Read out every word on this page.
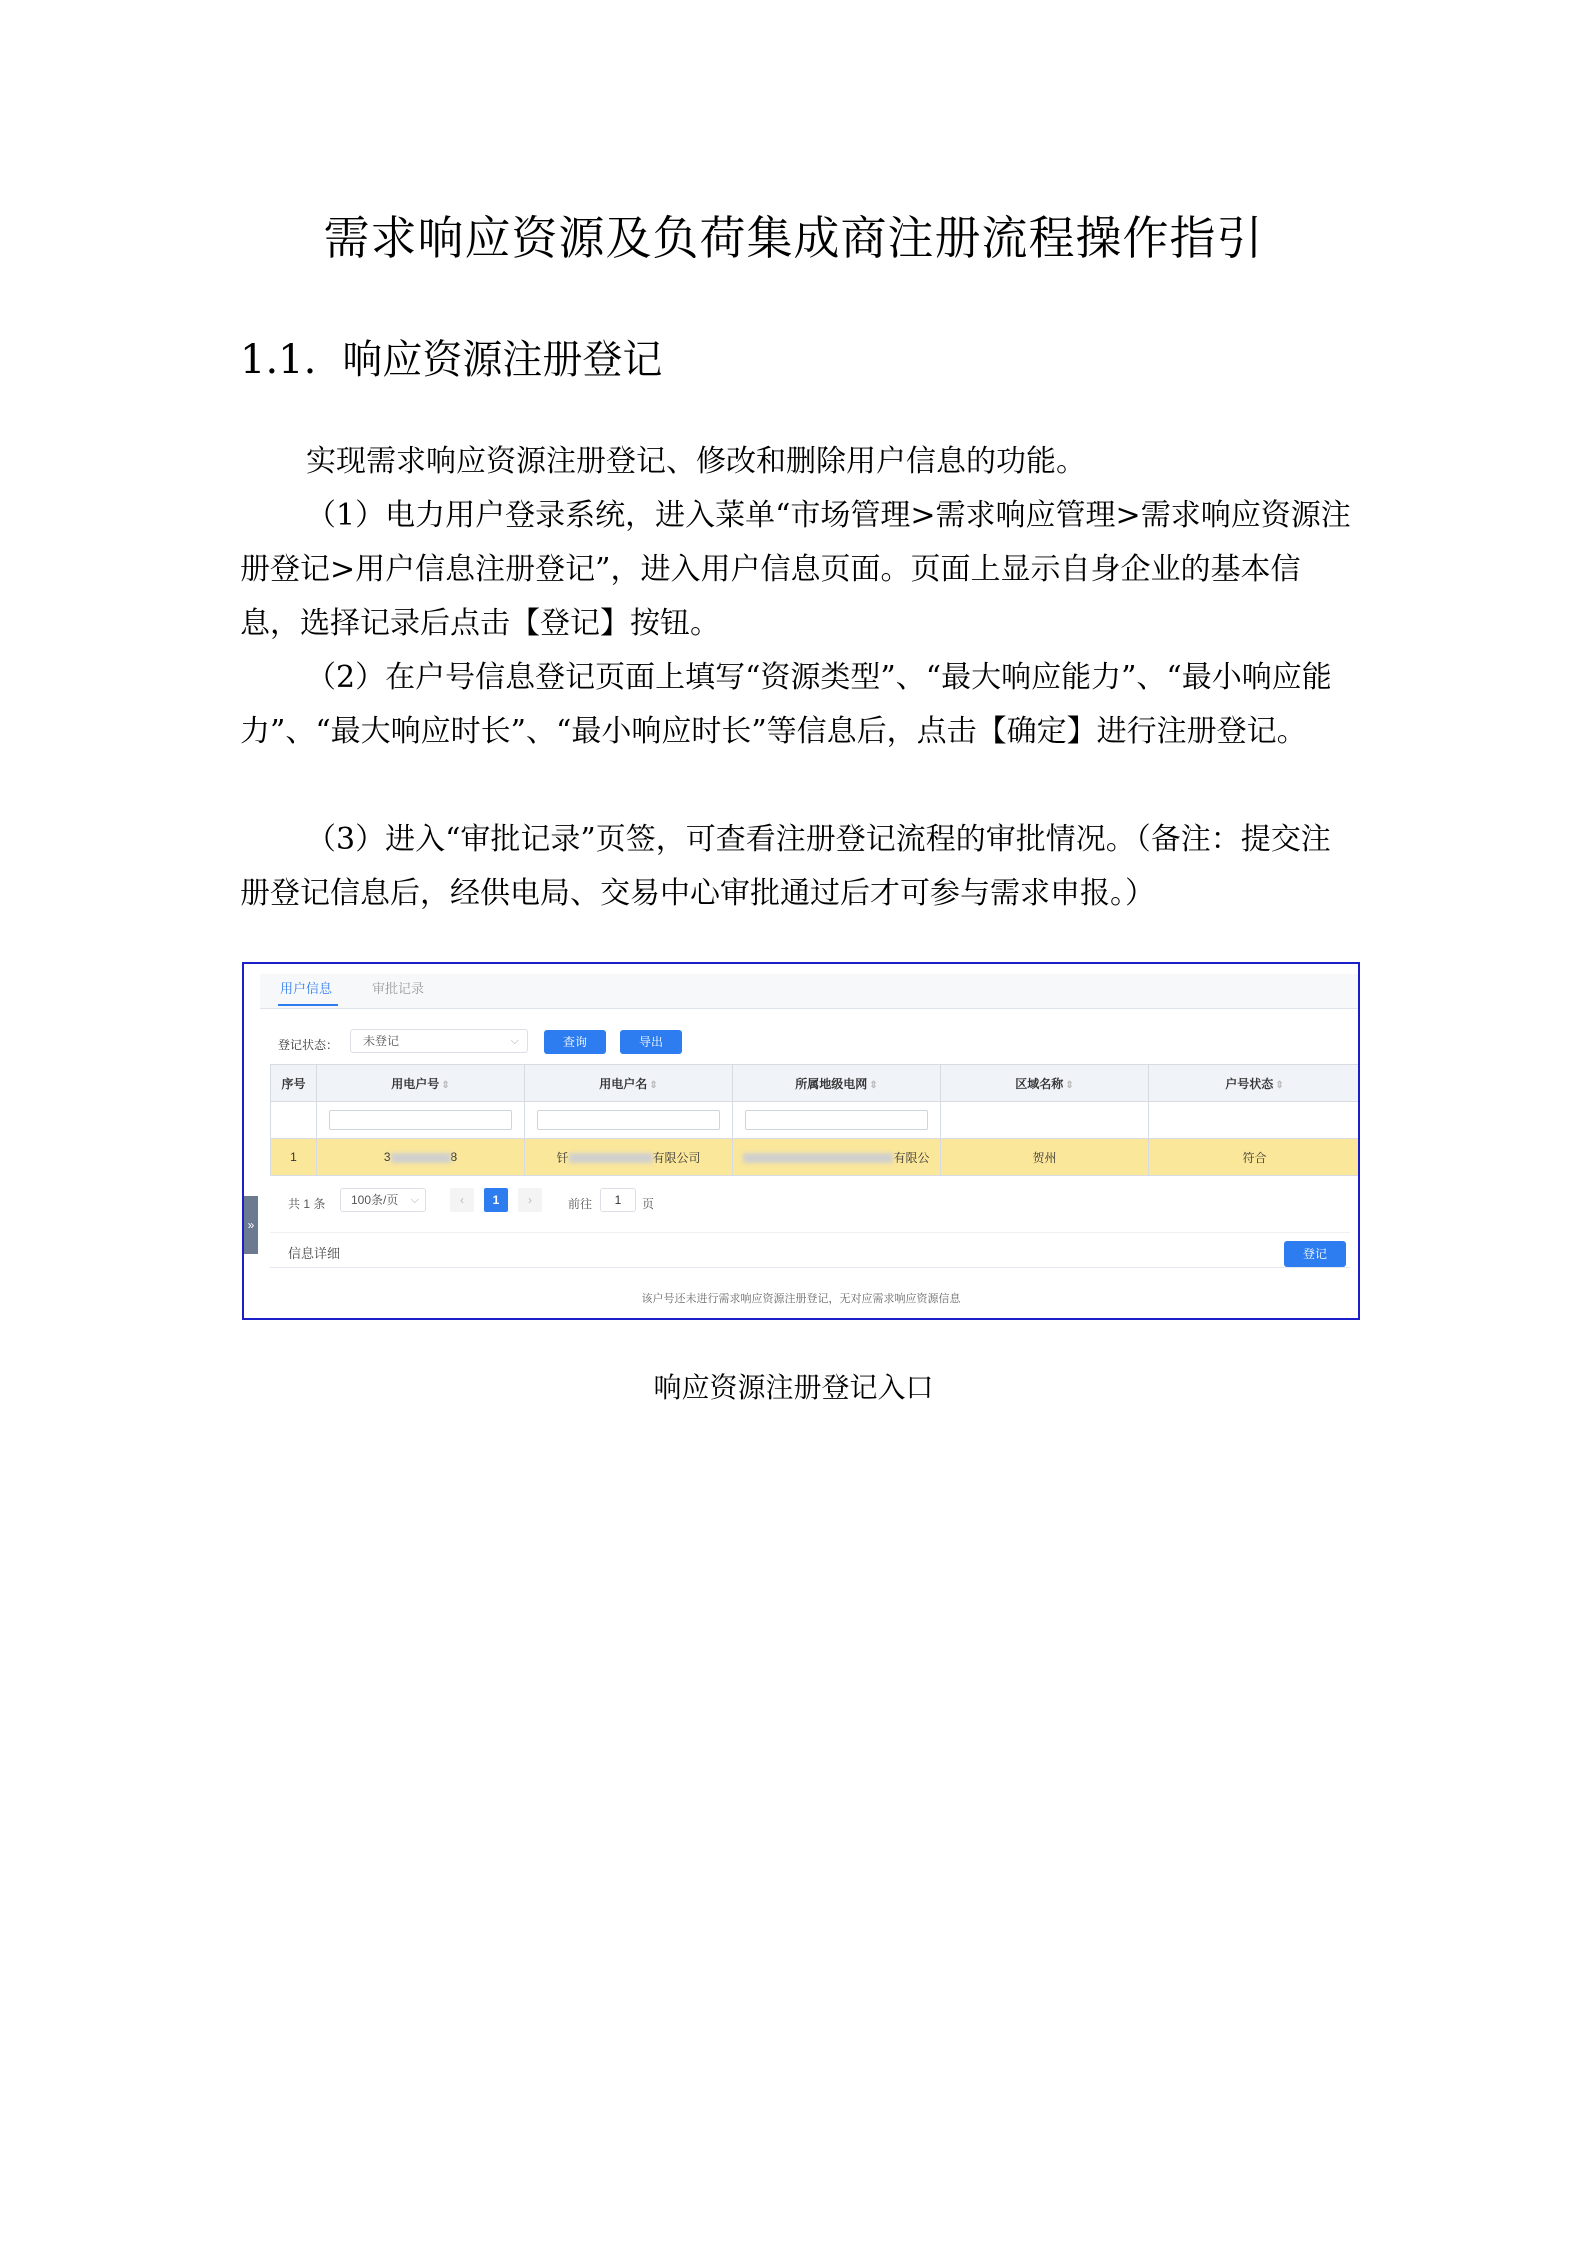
需求响应资源及负荷集成商注册流程操作指引
1.1. 响应资源注册登记

实现需求响应资源注册登记、修改和删除用户信息的功能。

（1）电力用户登录系统，进入菜单“市场管理>需求响应管理>需求响应资源注册登记>用户信息注册登记”，进入用户信息页面。页面上显示自身企业的基本信息，选择记录后点击【登记】按钮。

（2）在户号信息登记页面上填写“资源类型”、“最大响应能力”、“最小响应能力”、“最大响应时长”、“最小响应时长”等信息后，点击【确定】进行注册登记。

（3）进入“审批记录”页签，可查看注册登记流程的审批情况。（备注：提交注册登记信息后，经供电局、交易中心审批通过后才可参与需求申报。）

用户信息	审批记录
登记状态：	未登记	⌵	查询	导出
序号	用电户号 ⇕	用电户名 ⇕	所属地级电网 ⇕	区域名称 ⇕	户号状态 ⇕

1	3 8	钎 有限公司	有限公	贺州	符合
共 1 条	100条/页 ⌵	‹	1	›	前往	1	页
»
信息详细	登记
该户号还未进行需求响应资源注册登记，无对应需求响应资源信息

响应资源注册登记入口
